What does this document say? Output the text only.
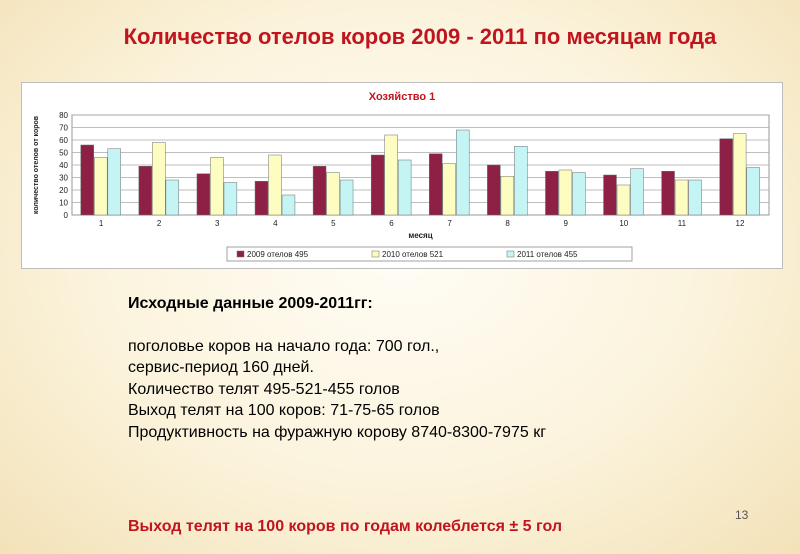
Количество отелов коров 2009 - 2011 по месяцам года
Хозяйство 1
0
10
20
30
40
50
60
70
80
1	2	3	4	5	6	7	8	9	10	11	12
месяц
количество отелов от коров
2009 отелов 495	2010 отелов 521	2011 отелов 455
Исходные данные 2009-2011гг:
поголовье коров на начало года: 700 гол.,
сервис-период 160 дней.
Количество телят 495-521-455 голов
Выход телят на 100 коров: 71-75-65 голов
Продуктивность на фуражную корову 8740-8300-7975 кг
Выход телят на 100 коров по годам колеблется ± 5 гол
13
